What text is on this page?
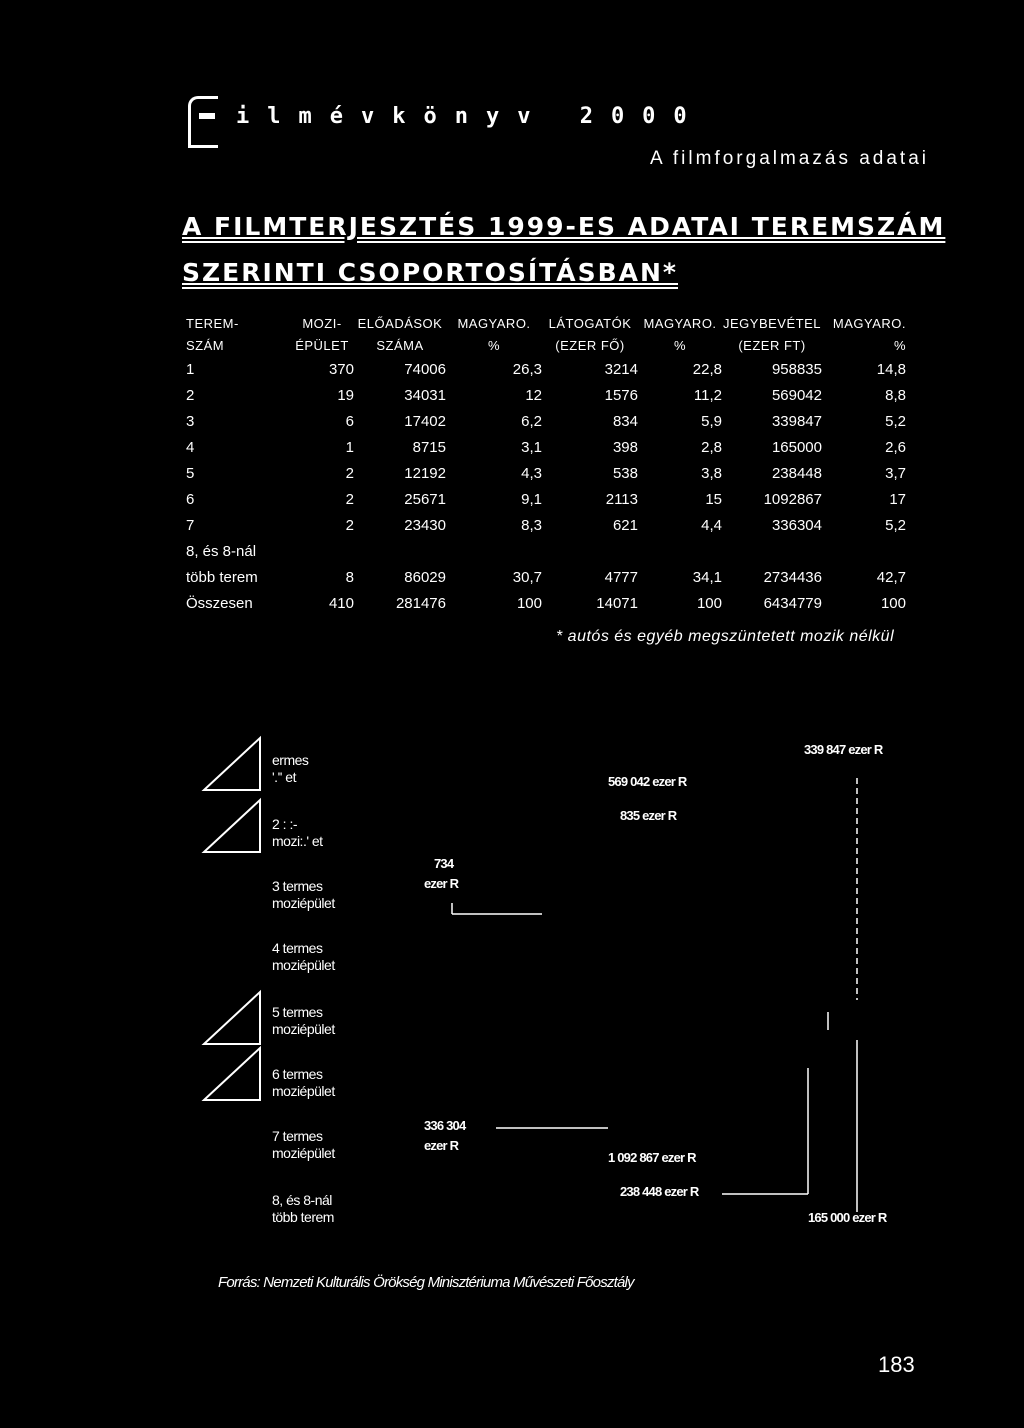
ilmévkönyv 2000
A filmforgalmazás adatai
A FILMTERJESZTÉS 1999-ES ADATAI TEREMSZÁM
SZERINTI CSOPORTOSÍTÁSBAN*
TEREM-	MOZI-	ELŐADÁSOK	MAGYARO.	LÁTOGATÓK	MAGYARO.	JEGYBEVÉTEL	MAGYARO.
SZÁM	ÉPÜLET	SZÁMA	%	(EZER FŐ)	%	(EZER FT)	%
1	370	74006	26,3	3214	22,8	958835	14,8
2	19	34031	12	1576	11,2	569042	8,8
3	6	17402	6,2	834	5,9	339847	5,2
4	1	8715	3,1	398	2,8	165000	2,6
5	2	12192	4,3	538	3,8	238448	3,7
6	2	25671	9,1	2113	15	1092867	17
7	2	23430	8,3	621	4,4	336304	5,2
8, és 8-nál							
több terem	8	86029	30,7	4777	34,1	2734436	42,7
Összesen	410	281476	100	14071	100	6434779	100
* autós és egyéb megszüntetett mozik nélkül
ermes
'.'' et
2 : :-
mozi:.' et
3 termes
moziépület
4 termes
moziépület
5 termes
moziépület
6 termes
moziépület
7 termes
moziépület
8, és 8-nál
több terem
339 847 ezer R
569 042 ezer R
835 ezer R
734
ezer R
336 304
ezer R
1 092 867 ezer R
238 448 ezer R
165 000 ezer R
Forrás: Nemzeti Kulturális Örökség Minisztériuma Művészeti Főosztály
183
